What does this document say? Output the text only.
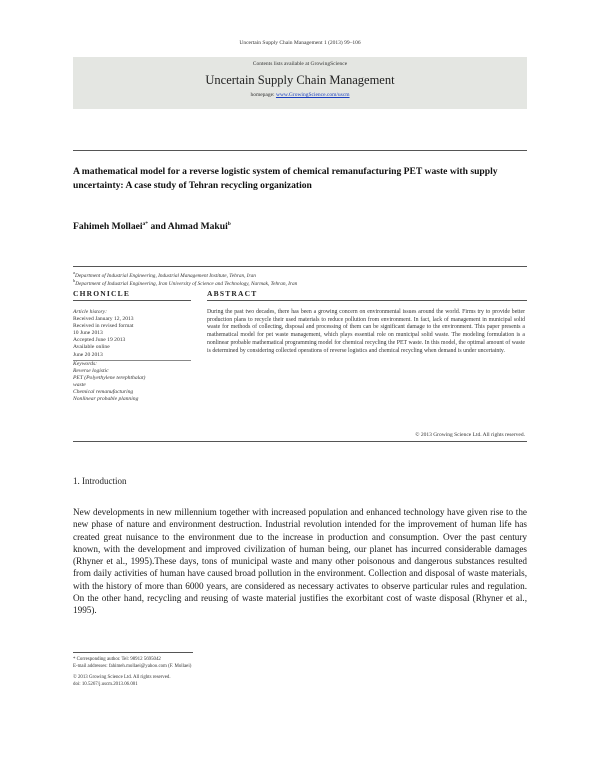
Uncertain Supply Chain Management 1 (2013) 99–106
Contents lists available at GrowingScience
Uncertain Supply Chain Management
homepage: www.GrowingScience.com/uscm
A mathematical model for a reverse logistic system of chemical remanufacturing PET waste with supply uncertainty: A case study of Tehran recycling organization
Fahimeh Mollaei$^{a*}$ and Ahmad Makui$^b$
$^a$Department of Industrial Engineering, Industrial Management Institute, Tehran, Iran
$^b$Department of Industrial Engineering, Iran University of Science and Technology, Narmak, Tehran, Iran
CHRONICLE	ABSTRACT
Article history:
Received January 12, 2013
Received in revised format
10 June 2013
Accepted June 19 2013
Available online
June 20 2013
Keywords:
Reverse logistic
PET (Polyethylene terephthalat)
waste
Chemical remanufacturing
Nonlinear probable planning
During the past two decades, there has been a growing concern on environmental issues around the world. Firms try to provide better production plans to recycle their used materials to reduce pollution from environment. In fact, lack of management in municipal solid waste for methods of collecting, disposal and processing of them can be significant damage to the environment. This paper presents a mathematical model for pet waste management, which plays essential role on municipal solid waste. The modeling formulation is a nonlinear probable mathematical programming model for chemical recycling the PET waste. In this model, the optimal amount of waste is determined by considering collected operations of reverse logistics and chemical recycling when demand is under uncertainty.
© 2013 Growing Science Ltd. All rights reserved.
1. Introduction
New developments in new millennium together with increased population and enhanced technology have given rise to the new phase of nature and environment destruction. Industrial revolution intended for the improvement of human life has created great nuisance to the environment due to the increase in production and consumption. Over the past century known, with the development and improved civilization of human being, our planet has incurred considerable damages (Rhyner et al., 1995).These days, tons of municipal waste and many other poisonous and dangerous substances resulted from daily activities of human have caused broad pollution in the environment. Collection and disposal of waste materials, with the history of more than 6000 years, are considered as necessary activates to observe particular rules and regulation. On the other hand, recycling and reusing of waste material justifies the exorbitant cost of waste disposal (Rhyner et al., 1995).
* Corresponding author. Tel: 98912 5695042
E-mail addresses: fahimeh.mollaei@yahoo.com (F. Mollaei)
© 2013 Growing Science Ltd. All rights reserved.
doi: 10.5267/j.uscm.2013.06.001
